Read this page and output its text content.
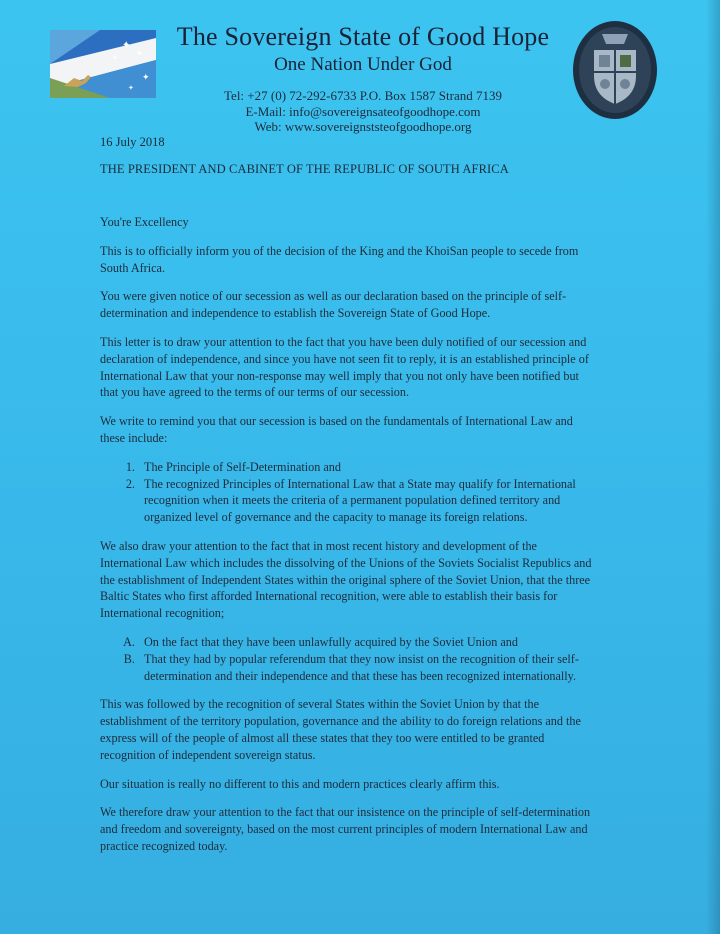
✦
✦
✦
✦
✦
The Sovereign State of Good Hope
One Nation Under God
Tel: +27 (0) 72-292-6733 P.O. Box 1587 Strand 7139
E-Mail: info@sovereignsateofgoodhope.com
Web: www.sovereignststeofgoodhope.org
16 July 2018
THE PRESIDENT AND CABINET OF THE REPUBLIC OF SOUTH AFRICA

You're Excellency

This is to officially inform you of the decision of the King and the KhoiSan people to secede from South Africa.

You were given notice of our secession as well as our declaration based on the principle of self-determination and independence to establish the Sovereign State of Good Hope.

This letter is to draw your attention to the fact that you have been duly notified of our secession and declaration of independence, and since you have not seen fit to reply, it is an established principle of International Law that your non-response may well imply that you not only have been notified but that you have agreed to the terms of our terms of our secession.

We write to remind you that our secession is based on the fundamentals of International Law and these include:

1. The Principle of Self-Determination and
2. The recognized Principles of International Law that a State may qualify for International recognition when it meets the criteria of a permanent population defined territory and organized level of governance and the capacity to manage its foreign relations.

We also draw your attention to the fact that in most recent history and development of the International Law which includes the dissolving of the Unions of the Soviets Socialist Republics and the establishment of Independent States within the original sphere of the Soviet Union, that the three Baltic States who first afforded International recognition, were able to establish their basis for International recognition;

A. On the fact that they have been unlawfully acquired by the Soviet Union and
B. That they had by popular referendum that they now insist on the recognition of their self-determination and their independence and that these has been recognized internationally.

This was followed by the recognition of several States within the Soviet Union by that the establishment of the territory population, governance and the ability to do foreign relations and the express will of the people of almost all these states that they too were entitled to be granted recognition of independent sovereign status.

Our situation is really no different to this and modern practices clearly affirm this.

We therefore draw your attention to the fact that our insistence on the principle of self-determination and freedom and sovereignty, based on the most current principles of modern International Law and practice recognized today.
